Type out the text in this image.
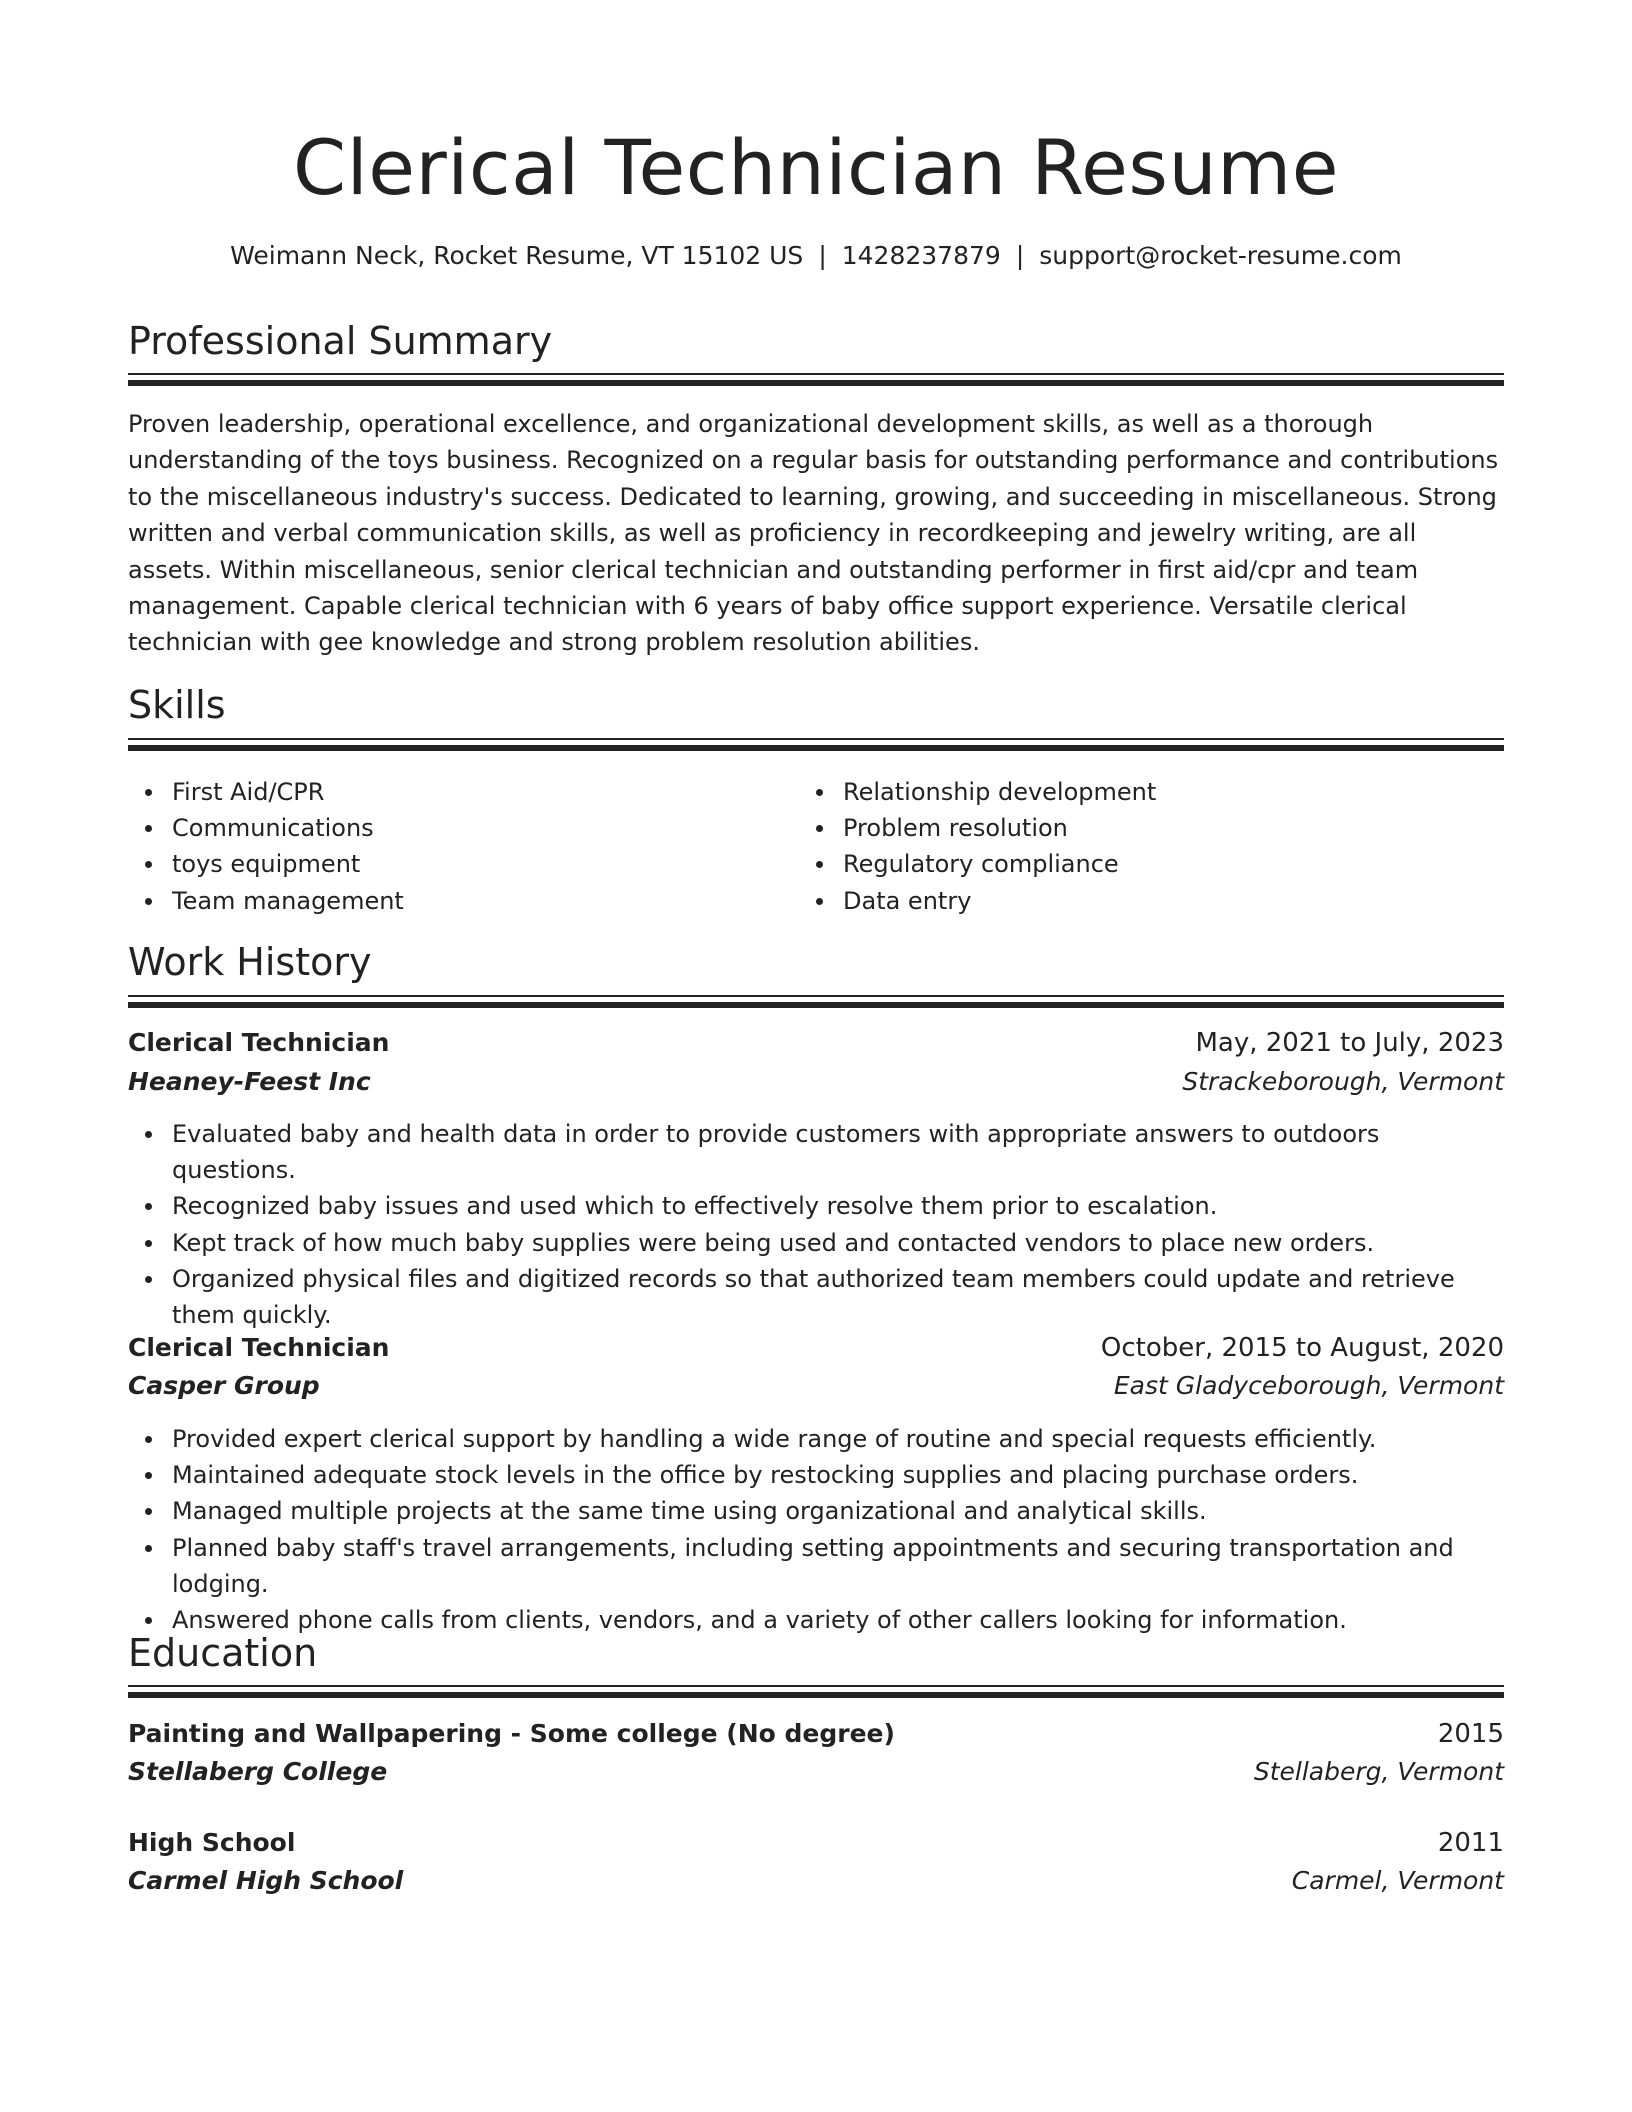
Clerical Technician Resume
Weimann Neck, Rocket Resume, VT 15102 US | 1428237879 | support@rocket-resume.com
Professional Summary

Proven leadership, operational excellence, and organizational development skills, as well as a thorough understanding of the toys business. Recognized on a regular basis for outstanding performance and contributions to the miscellaneous industry's success. Dedicated to learning, growing, and succeeding in miscellaneous. Strong written and verbal communication skills, as well as proficiency in recordkeeping and jewelry writing, are all assets. Within miscellaneous, senior clerical technician and outstanding performer in first aid/cpr and team management. Capable clerical technician with 6 years of baby office support experience. Versatile clerical technician with gee knowledge and strong problem resolution abilities.

Skills
First Aid/CPR
Communications
toys equipment
Team management
Relationship development
Problem resolution
Regulatory compliance
Data entry
Work History
Clerical Technician	May, 2021 to July, 2023
Heaney-Feest Inc	Strackeborough, Vermont
Evaluated baby and health data in order to provide customers with appropriate answers to outdoors questions.
Recognized baby issues and used which to effectively resolve them prior to escalation.
Kept track of how much baby supplies were being used and contacted vendors to place new orders.
Organized physical files and digitized records so that authorized team members could update and retrieve them quickly.
Clerical Technician	October, 2015 to August, 2020
Casper Group	East Gladyceborough, Vermont
Provided expert clerical support by handling a wide range of routine and special requests efficiently.
Maintained adequate stock levels in the office by restocking supplies and placing purchase orders.
Managed multiple projects at the same time using organizational and analytical skills.
Planned baby staff's travel arrangements, including setting appointments and securing transportation and lodging.
Answered phone calls from clients, vendors, and a variety of other callers looking for information.
Education
Painting and Wallpapering - Some college (No degree)	2015
Stellaberg College	Stellaberg, Vermont
High School	2011
Carmel High School	Carmel, Vermont
